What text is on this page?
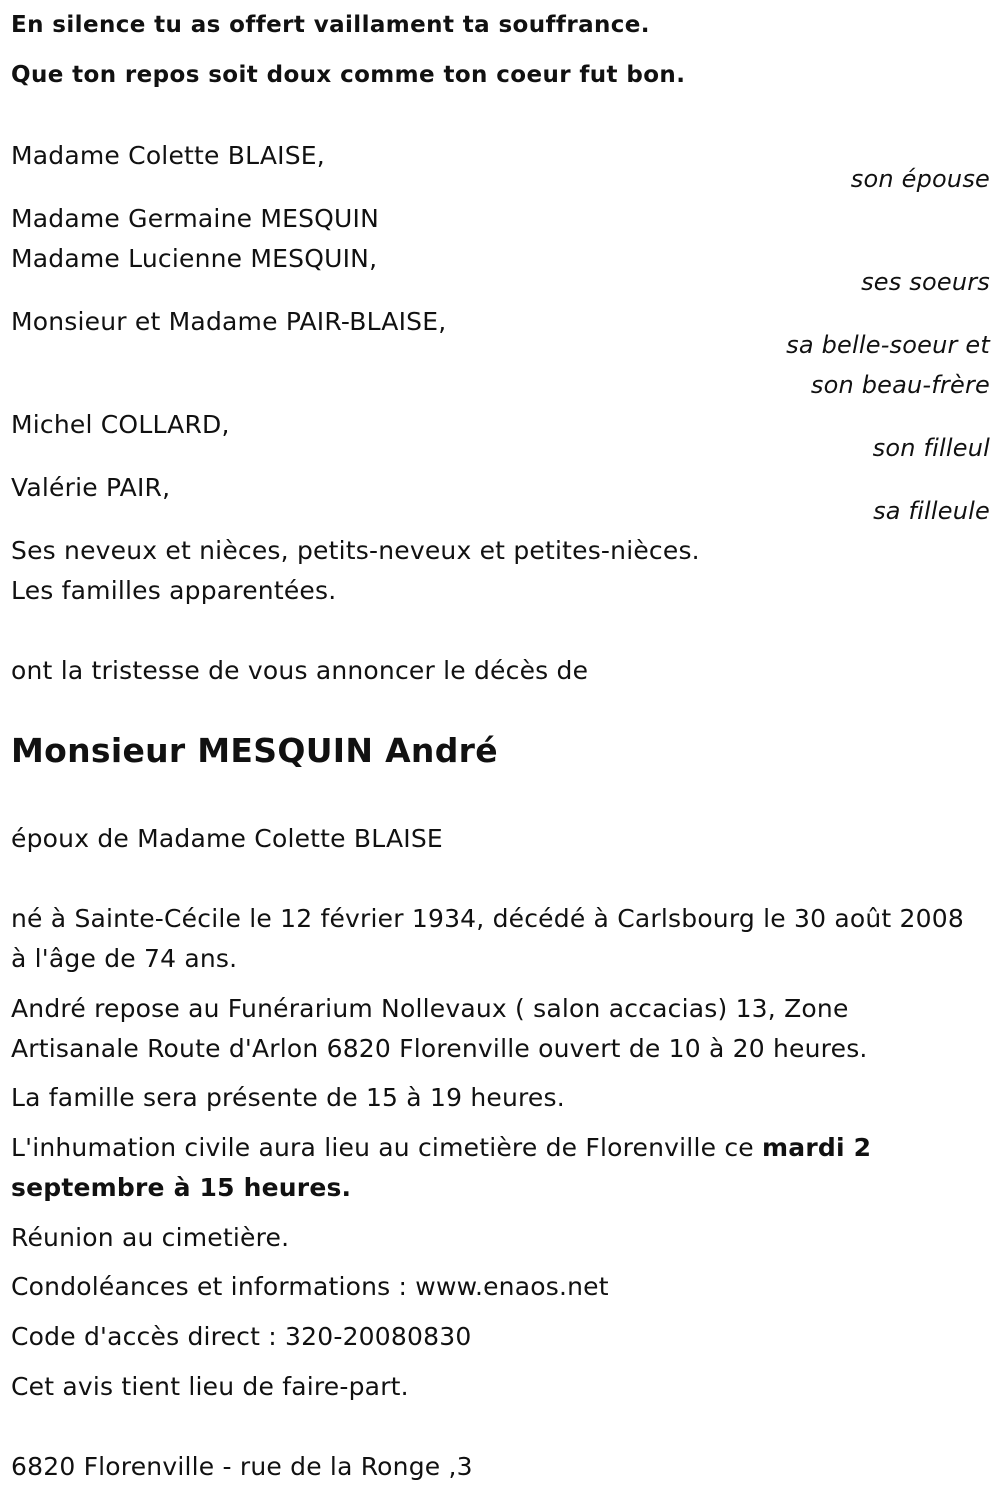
En silence tu as offert vaillament ta souffrance.
Que ton repos soit doux comme ton coeur fut bon.
Madame Colette BLAISE,
son épouse
Madame Germaine MESQUIN
Madame Lucienne MESQUIN,
ses soeurs
Monsieur et Madame PAIR-BLAISE,
sa belle-soeur et
son beau-frère
Michel COLLARD,
son filleul
Valérie PAIR,
sa filleule
Ses neveux et nièces, petits-neveux et petites-nièces.
Les familles apparentées.
ont la tristesse de vous annoncer le décès de
Monsieur MESQUIN André
époux de Madame Colette BLAISE
né à Sainte-Cécile le 12 février 1934, décédé à Carlsbourg le 30 août 2008
à l'âge de 74 ans.
André repose au Funérarium Nollevaux ( salon accacias) 13, Zone
Artisanale Route d'Arlon 6820 Florenville ouvert de 10 à 20 heures.
La famille sera présente de 15 à 19 heures.
L'inhumation civile aura lieu au cimetière de Florenville ce mardi 2
septembre à 15 heures.
Réunion au cimetière.
Condoléances et informations : www.enaos.net
Code d'accès direct : 320-20080830
Cet avis tient lieu de faire-part.
6820 Florenville - rue de la Ronge ,3
